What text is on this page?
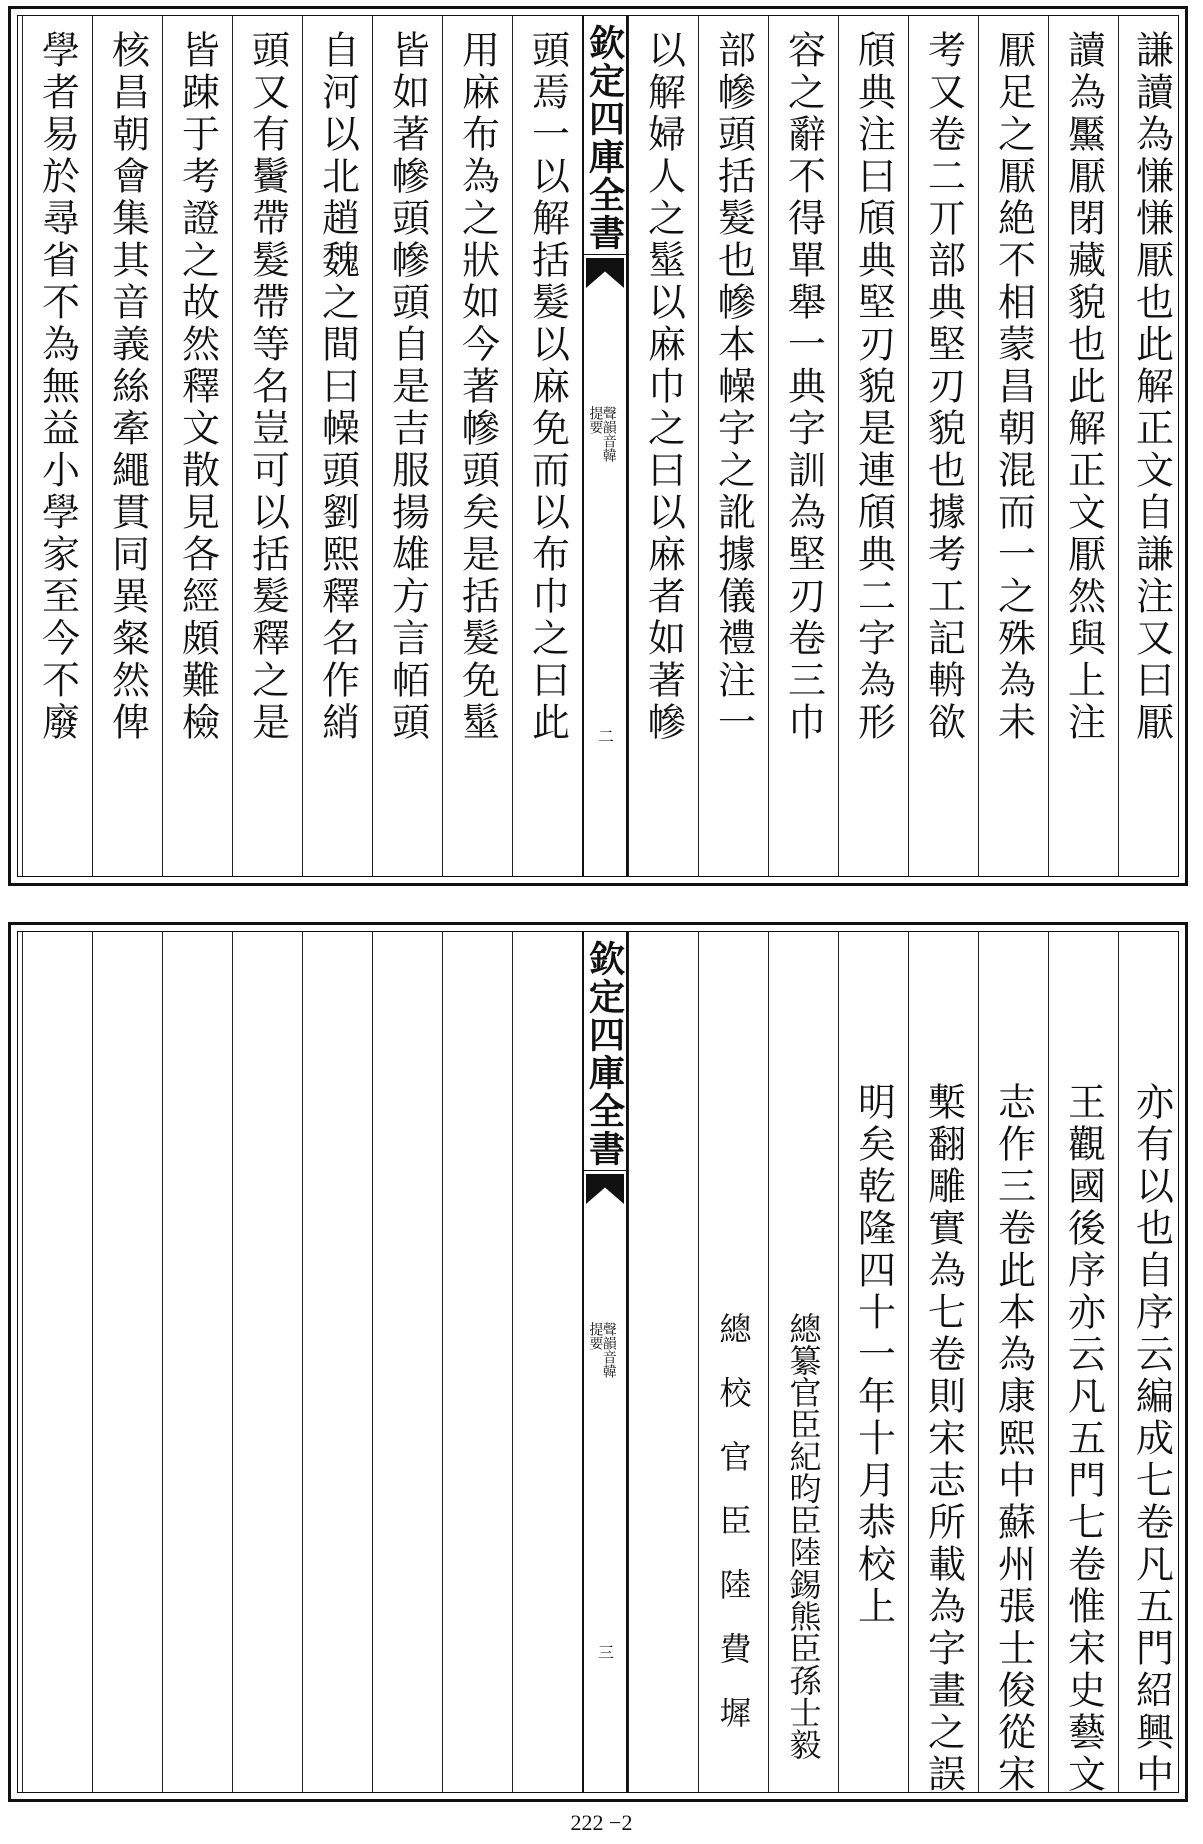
謙讀為慊慊厭也此解正文自謙注又曰厭
讀為黶厭閉藏貌也此解正文厭然與上注
厭足之厭絶不相蒙昌朝混而一之殊為未
考又卷二丌部典堅刃貌也據考工記輈欲
頎典注曰頎典堅刃貌是連頎典二字為形
容之辭不得單舉一典字訓為堅刃卷三巾
部幓頭括髮也幓本幧字之訛據儀禮注一
以解婦人之髽以麻巾之曰以麻者如著幓
欽定四庫全書
聲韻音韓
提要
二
頭焉一以解括髮以麻免而以布巾之曰此
用麻布為之狀如今著幓頭矣是括髮免髽
皆如著幓頭幓頭自是吉服揚雄方言帞頭
自河以北趙魏之間曰幧頭劉熙釋名作綃
頭又有鬢帶髮帶等名豈可以括髮釋之是
皆踈于考證之故然釋文散見各經頗難檢
核昌朝會集其音義絲牽繩貫同異粲然俾
學者易於尋省不為無益小學家至今不廢
亦有以也自序云編成七卷凡五門紹興中
王觀國後序亦云凡五門七卷惟宋史藝文
志作三卷此本為康熙中蘇州張士俊從宋
槧翻雕實為七卷則宋志所載為字畫之誤
明矣乾隆四十一年十月恭校上
總纂官臣紀昀臣陸錫熊臣孫士毅
總　校　官　臣　陸　費　墀
欽定四庫全書
聲韻音韓
提要
三
222 −2
